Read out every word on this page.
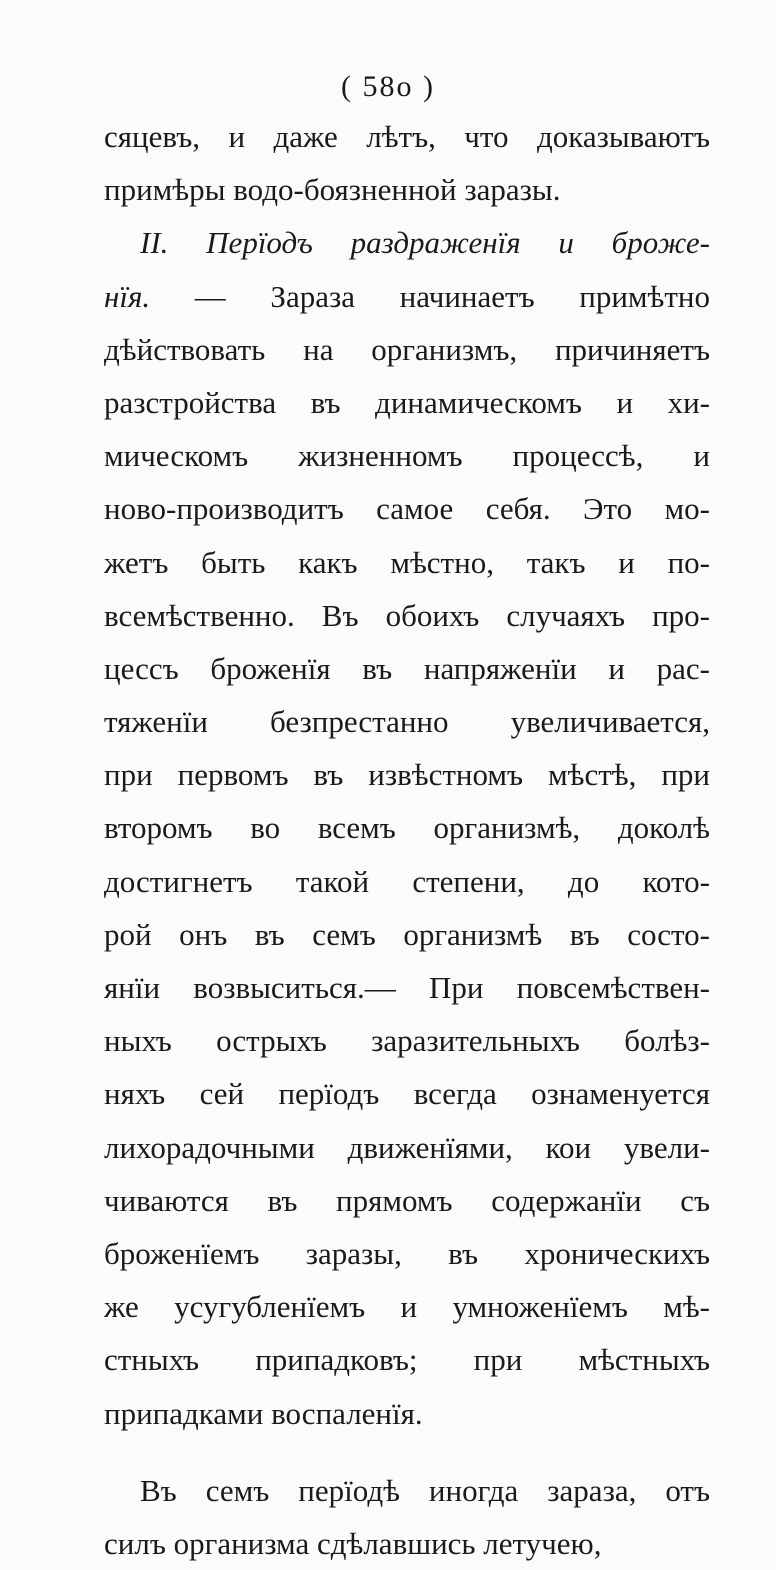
( 58о )
сяцевъ, и даже лѣтъ, что доказываютъ
примѣры водо-боязненной заразы.
II. Перїодъ раздраженїя и броже-
нїя. — Зараза начинаетъ примѣтно
дѣйствовать на организмъ, причиняетъ
разстройства въ динамическомъ и хи-
мическомъ жизненномъ процессѣ, и
ново-производитъ самое себя. Это мо-
жетъ быть какъ мѣстно, такъ и по-
всемѣственно. Въ обоихъ случаяхъ про-
цессъ броженїя въ напряженїи и рас-
тяженїи безпрестанно увеличивается,
при первомъ въ извѣстномъ мѣстѣ, при
второмъ во всемъ организмѣ, доколѣ
достигнетъ такой степени, до кото-
рой онъ въ семъ организмѣ въ состо-
янїи возвыситься.— При повсемѣствен-
ныхъ острыхъ заразительныхъ болѣз-
няхъ сей перїодъ всегда ознаменуется
лихорадочными движенїями, кои увели-
чиваются въ прямомъ содержанїи съ
броженїемъ заразы, въ хроническихъ
же усугубленїемъ и умноженїемъ мѣ-
стныхъ припадковъ; при мѣстныхъ
припадками воспаленїя.
Въ семъ перїодѣ иногда зараза, отъ
силъ организма сдѣлавшись летучею,
